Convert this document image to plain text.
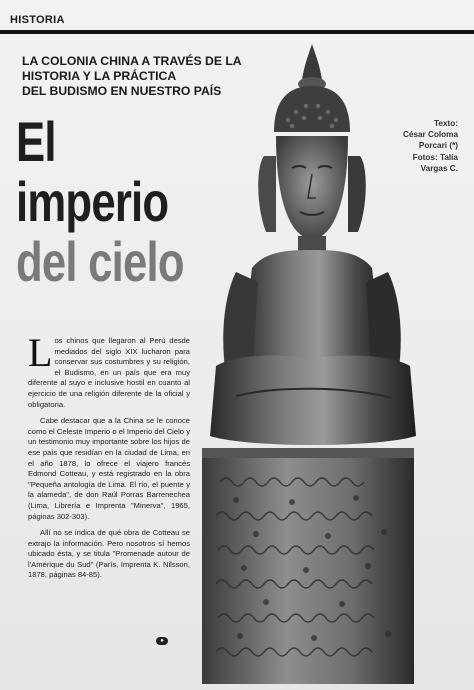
HISTORIA
LA COLONIA CHINA A TRAVÉS DE LA
HISTORIA Y LA PRÁCTICA
DEL BUDISMO EN NUESTRO PAÍS
El
imperio
del cielo
Texto:
César Coloma
Porcari (*)
Fotos: Talía
Vargas C.

Los chinos que llegaron al Perú desde mediados del siglo XIX lucharon para conservar sus costumbres y su religión, el Budismo, en un país que era muy diferente al suyo e inclusive hostil en cuanto al ejercicio de una religión diferente de la oficial y obligatoria.

Cabe destacar que a la China se le conoce como el Celeste Imperio o el Imperio del Cielo y un testimonio muy importante sobre los hijos de ese país que residían en la ciudad de Lima, en el año 1878, lo ofrece el viajero francés Edmond Cotteau, y está registrado en la obra "Pequeña antología de Lima. El río, el puente y la alameda", de don Raúl Porras Barrenechea (Lima, Librería e Imprenta "Minerva", 1965, páginas 302-303).

Allí no se indica de qué obra de Cotteau se extrajo la información. Pero nosotros sí hemos ubicado ésta, y se titula "Promenade autour de l'Amérique du Sud" (París, Imprenta K. Nilsson, 1878, páginas 84-85).

●
